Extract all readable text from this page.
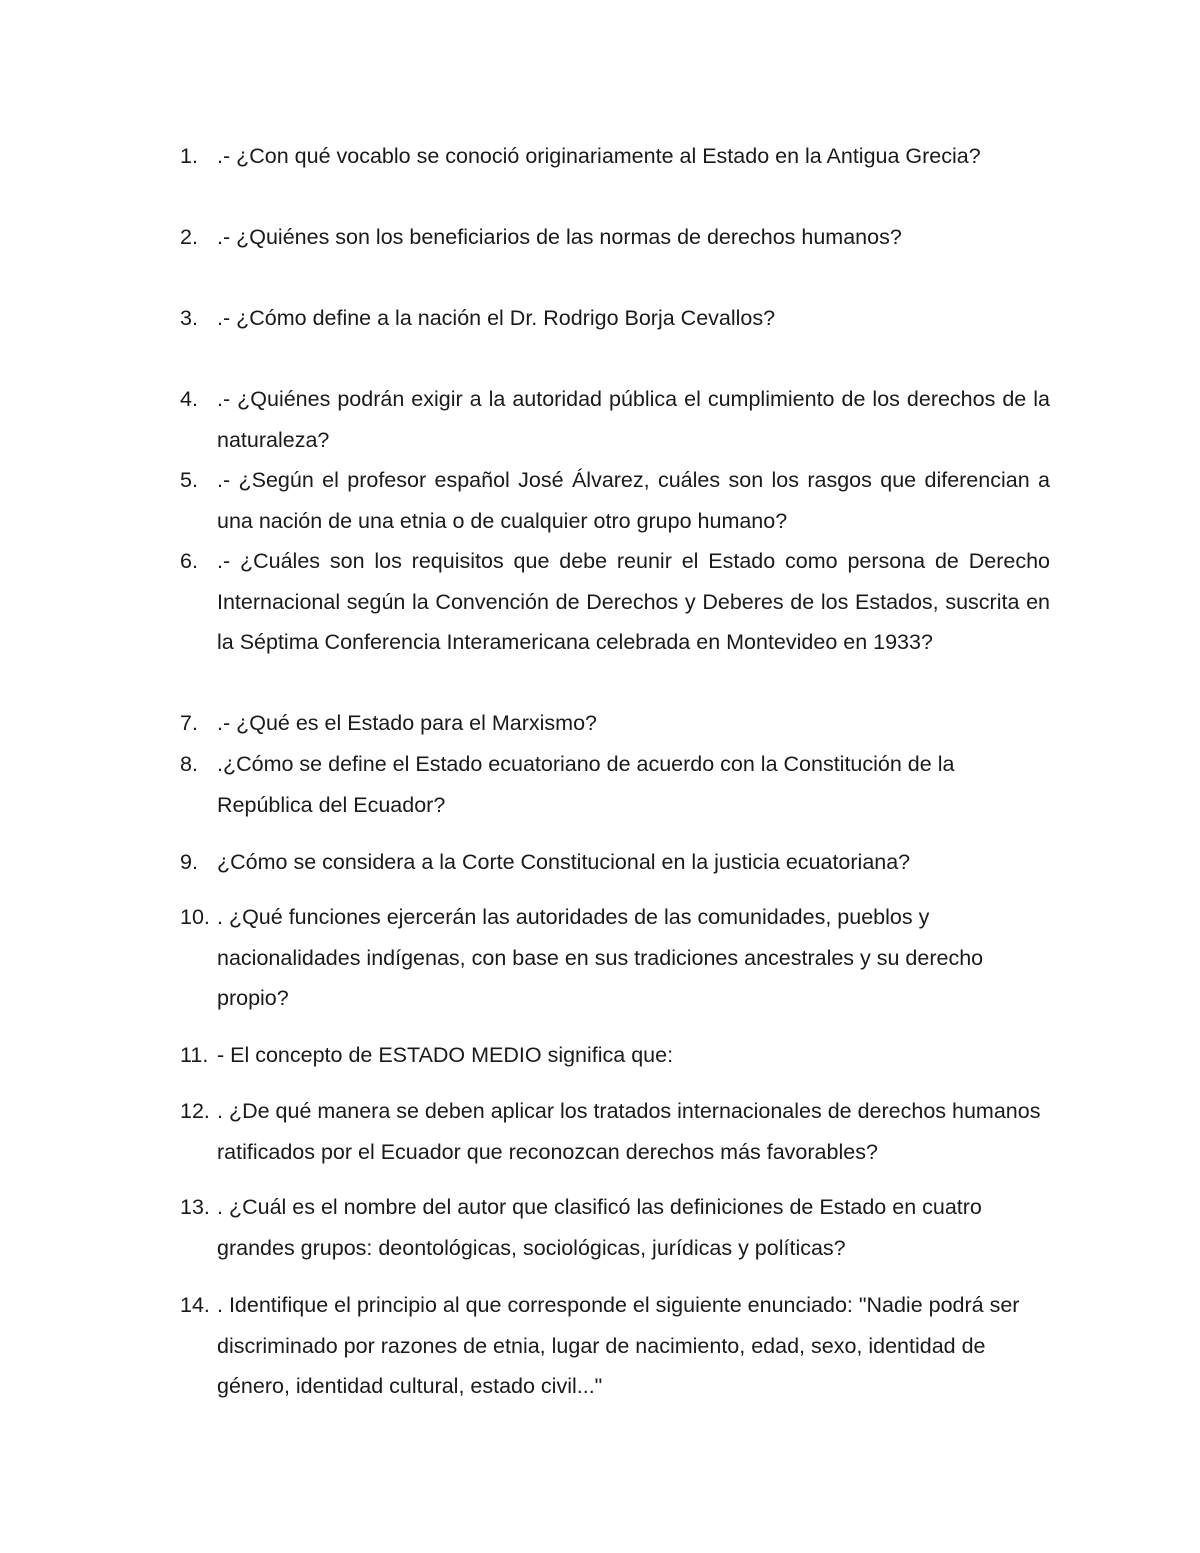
1. .- ¿Con qué vocablo se conoció originariamente al Estado en la Antigua Grecia?
2. .- ¿Quiénes son los beneficiarios de las normas de derechos humanos?
3. .- ¿Cómo define a la nación el Dr. Rodrigo Borja Cevallos?
4. .- ¿Quiénes podrán exigir a la autoridad pública el cumplimiento de los derechos de la naturaleza?
5. .- ¿Según el profesor español José Álvarez, cuáles son los rasgos que diferencian a una nación de una etnia o de cualquier otro grupo humano?
6. .- ¿Cuáles son los requisitos que debe reunir el Estado como persona de Derecho Internacional según la Convención de Derechos y Deberes de los Estados, suscrita en la Séptima Conferencia Interamericana celebrada en Montevideo en 1933?
7. .- ¿Qué es el Estado para el Marxismo?
8. .¿Cómo se define el Estado ecuatoriano de acuerdo con la Constitución de la República del Ecuador?
9. ¿Cómo se considera a la Corte Constitucional en la justicia ecuatoriana?
10. . ¿Qué funciones ejercerán las autoridades de las comunidades, pueblos y nacionalidades indígenas, con base en sus tradiciones ancestrales y su derecho propio?
11. - El concepto de ESTADO MEDIO significa que:
12. . ¿De qué manera se deben aplicar los tratados internacionales de derechos humanos ratificados por el Ecuador que reconozcan derechos más favorables?
13. . ¿Cuál es el nombre del autor que clasificó las definiciones de Estado en cuatro grandes grupos: deontológicas, sociológicas, jurídicas y políticas?
14. . Identifique el principio al que corresponde el siguiente enunciado: "Nadie podrá ser discriminado por razones de etnia, lugar de nacimiento, edad, sexo, identidad de género, identidad cultural, estado civil..."
